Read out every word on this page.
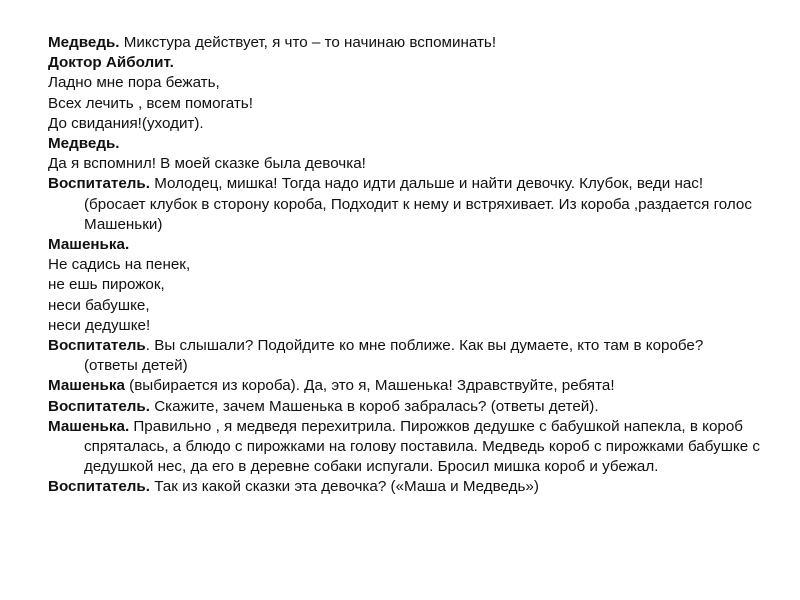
Медведь. Микстура действует, я что – то начинаю вспоминать!

Доктор Айболит.

Ладно мне пора бежать,

Всех лечить , всем помогать!

До свидания!(уходит).

Медведь.

Да я вспомнил! В моей сказке была девочка!

Воспитатель. Молодец, мишка! Тогда надо идти дальше и найти девочку. Клубок, веди нас! (бросает клубок в сторону короба, Подходит к нему и встряхивает. Из короба ,раздается голос Машеньки)

Машенька.

Не садись на пенек,

не ешь пирожок,

неси бабушке,

неси дедушке!

Воспитатель. Вы слышали? Подойдите ко мне поближе. Как вы думаете, кто там в коробе? (ответы детей)

Машенька (выбирается из короба). Да, это я, Машенька! Здравствуйте, ребята!

Воспитатель. Скажите, зачем Машенька в короб забралась? (ответы детей).

Машенька. Правильно , я медведя перехитрила. Пирожков дедушке с бабушкой напекла, в короб спряталась, а блюдо с пирожками на голову поставила. Медведь короб с пирожками бабушке с дедушкой нес, да его в деревне собаки испугали. Бросил мишка короб и убежал.

Воспитатель. Так из какой сказки эта девочка? («Маша и Медведь»)
